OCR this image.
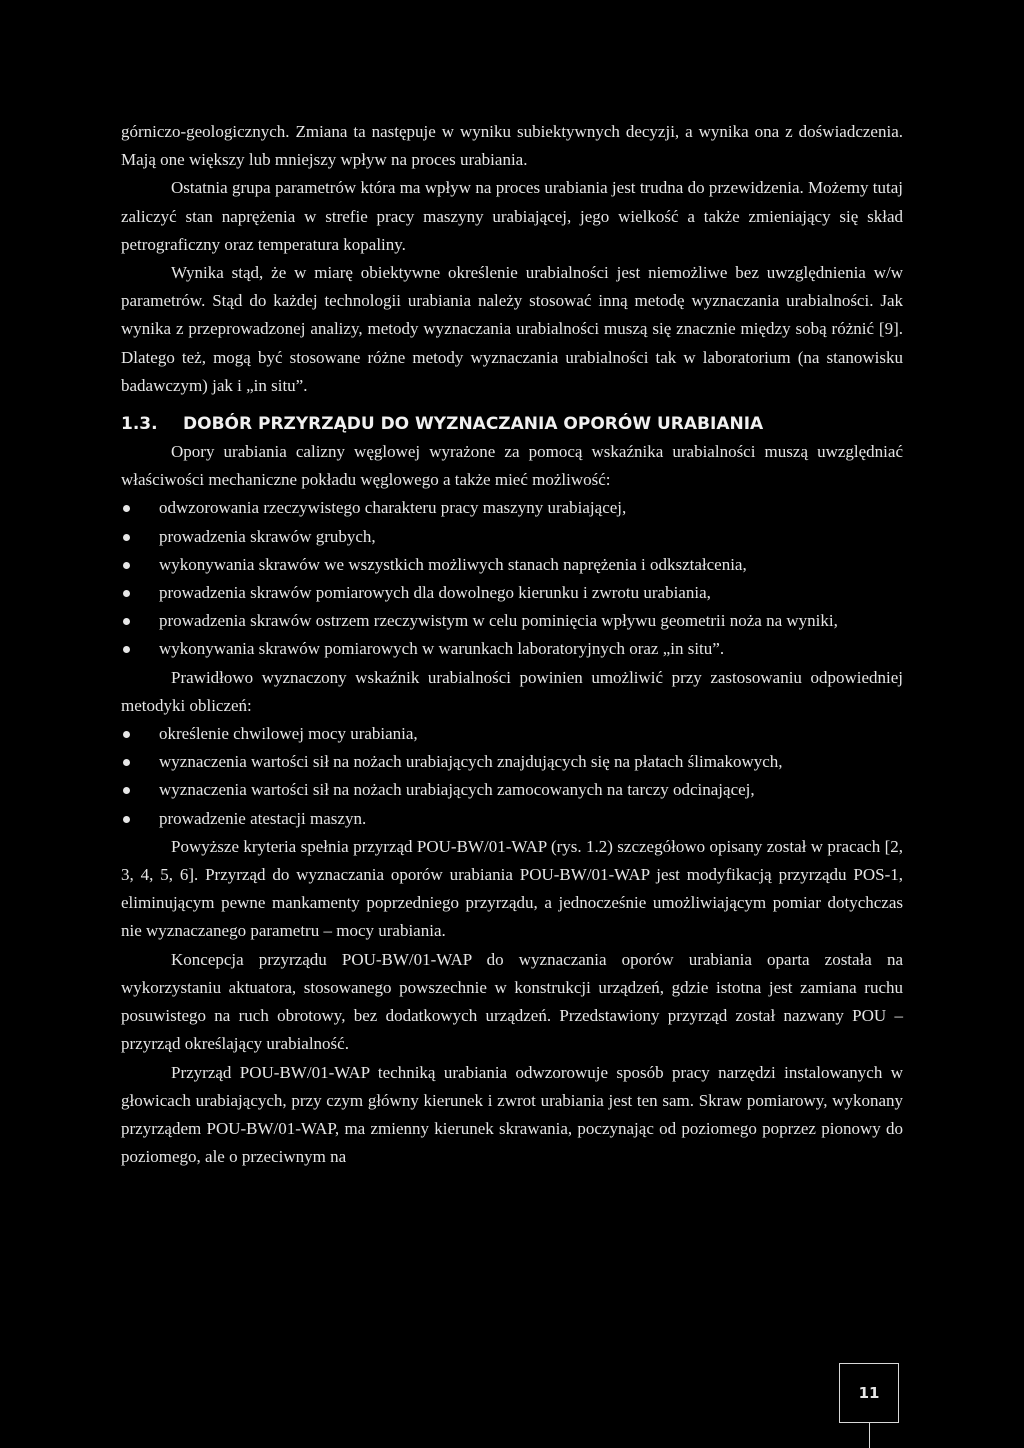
górniczo-geologicznych. Zmiana ta następuje w wyniku subiektywnych decyzji, a wynika ona z doświadczenia. Mają one większy lub mniejszy wpływ na proces urabiania.

Ostatnia grupa parametrów która ma wpływ na proces urabiania jest trudna do przewidzenia. Możemy tutaj zaliczyć stan naprężenia w strefie pracy maszyny urabiającej, jego wielkość a także zmieniający się skład petrograficzny oraz temperatura kopaliny.

Wynika stąd, że w miarę obiektywne określenie urabialności jest niemożliwe bez uwzględnienia w/w parametrów. Stąd do każdej technologii urabiania należy stosować inną metodę wyznaczania urabialności. Jak wynika z przeprowadzonej analizy, metody wyznaczania urabialności muszą się znacznie między sobą różnić [9]. Dlatego też, mogą być stosowane różne metody wyznaczania urabialności tak w laboratorium (na stanowisku badawczym) jak i „in situ”.

1.3. DOBÓR PRZYRZĄDU DO WYZNACZANIA OPORÓW URABIANIA

Opory urabiania calizny węglowej wyrażone za pomocą wskaźnika urabialności muszą uwzględniać właściwości mechaniczne pokładu węglowego a także mieć możliwość:

odwzorowania rzeczywistego charakteru pracy maszyny urabiającej,
prowadzenia skrawów grubych,
wykonywania skrawów we wszystkich możliwych stanach naprężenia i odkształcenia,
prowadzenia skrawów pomiarowych dla dowolnego kierunku i zwrotu urabiania,
prowadzenia skrawów ostrzem rzeczywistym w celu pominięcia wpływu geometrii noża na wyniki,
wykonywania skrawów pomiarowych w warunkach laboratoryjnych oraz „in situ”.

Prawidłowo wyznaczony wskaźnik urabialności powinien umożliwić przy zastosowaniu odpowiedniej metodyki obliczeń:

określenie chwilowej mocy urabiania,
wyznaczenia wartości sił na nożach urabiających znajdujących się na płatach ślimakowych,
wyznaczenia wartości sił na nożach urabiających zamocowanych na tarczy odcinającej,
prowadzenie atestacji maszyn.

Powyższe kryteria spełnia przyrząd POU-BW/01-WAP (rys. 1.2) szczegółowo opisany został w pracach [2, 3, 4, 5, 6]. Przyrząd do wyznaczania oporów urabiania POU-BW/01-WAP jest modyfikacją przyrządu POS-1, eliminującym pewne mankamenty poprzedniego przyrządu, a jednocześnie umożliwiającym pomiar dotychczas nie wyznaczanego parametru – mocy urabiania.

Koncepcja przyrządu POU-BW/01-WAP do wyznaczania oporów urabiania oparta została na wykorzystaniu aktuatora, stosowanego powszechnie w konstrukcji urządzeń, gdzie istotna jest zamiana ruchu posuwistego na ruch obrotowy, bez dodatkowych urządzeń. Przedstawiony przyrząd został nazwany POU – przyrząd określający urabialność.

Przyrząd POU-BW/01-WAP techniką urabiania odwzorowuje sposób pracy narzędzi instalowanych w głowicach urabiających, przy czym główny kierunek i zwrot urabiania jest ten sam. Skraw pomiarowy, wykonany przyrządem POU-BW/01-WAP, ma zmienny kierunek skrawania, poczynając od poziomego poprzez pionowy do poziomego, ale o przeciwnym na

11
